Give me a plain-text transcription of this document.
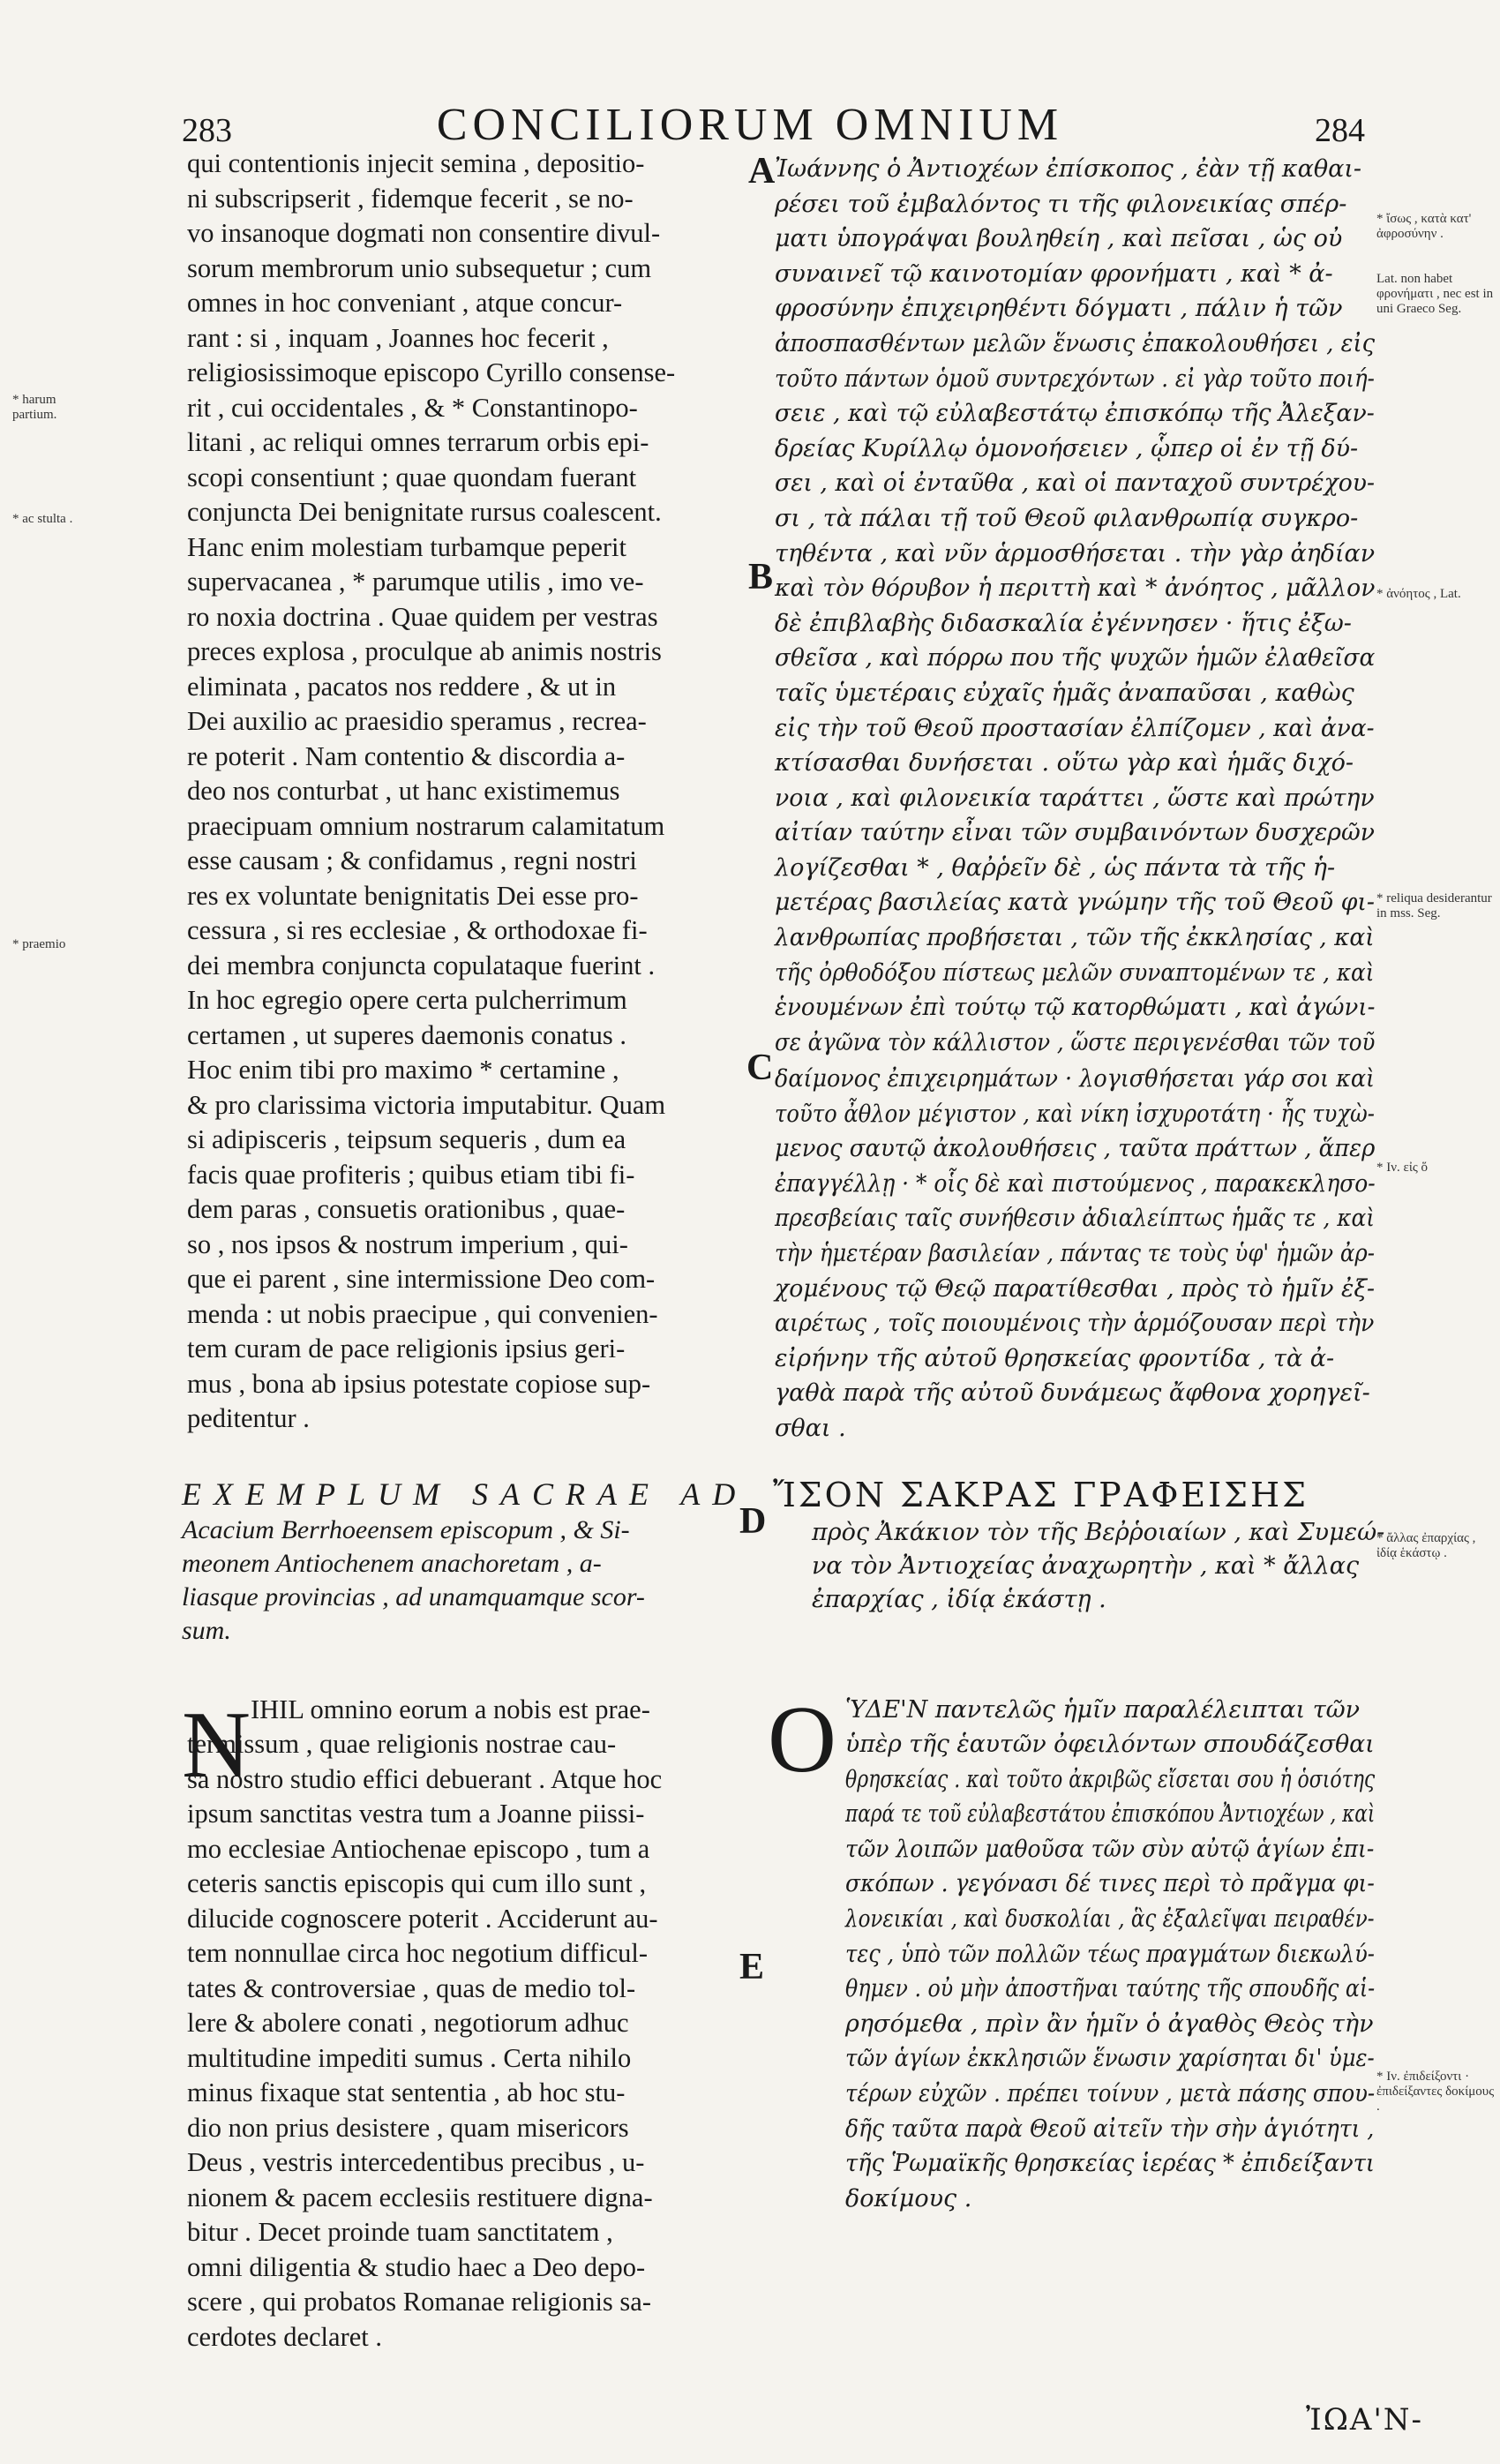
283	CONCILIORUM OMNIUM	284
* harum partium.
* ac stulta .
* praemio
qui contentionis injecit semina , depositio-
ni subscripserit , fidemque fecerit , se no-
vo insanoque dogmati non consentire divul-
sorum membrorum unio subsequetur ; cum
omnes in hoc conveniant , atque concur-
rant : si , inquam , Joannes hoc fecerit ,
religiosissimoque episcopo Cyrillo consense-
rit , cui occidentales , & * Constantinopo-
litani , ac reliqui omnes terrarum orbis epi-
scopi consentiunt ; quae quondam fuerant
conjuncta Dei benignitate rursus coalescent.
Hanc enim molestiam turbamque peperit
supervacanea , * parumque utilis , imo ve-
ro noxia doctrina . Quae quidem per vestras
preces explosa , proculque ab animis nostris
eliminata , pacatos nos reddere , & ut in
Dei auxilio ac praesidio speramus , recrea-
re poterit . Nam contentio & discordia a-
deo nos conturbat , ut hanc existimemus
praecipuam omnium nostrarum calamitatum
esse causam ; & confidamus , regni nostri
res ex voluntate benignitatis Dei esse pro-
cessura , si res ecclesiae , & orthodoxae fi-
dei membra conjuncta copulataque fuerint .
In hoc egregio opere certa pulcherrimum
certamen , ut superes daemonis conatus .
Hoc enim tibi pro maximo * certamine ,
& pro clarissima victoria imputabitur. Quam
si adipisceris , teipsum sequeris , dum ea
facis quae profiteris ; quibus etiam tibi fi-
dem paras , consuetis orationibus , quae-
so , nos ipsos & nostrum imperium , qui-
que ei parent , sine intermissione Deo com-
menda : ut nobis praecipue , qui convenien-
tem curam de pace religionis ipsius geri-
mus , bona ab ipsius potestate copiose sup-
peditentur .
A
B
C
D
E
Ἰωάννης ὁ Ἀντιοχέων ἐπίσκοπος , ἐὰν τῇ καθαι-
ρέσει τοῦ ἐμβαλόντος τι τῆς φιλονεικίας σπέρ-
ματι ὑπογράψαι βουληθείη , καὶ πεῖσαι , ὡς οὐ
συναινεῖ τῷ καινοτομίαν φρονήματι , καὶ * ἀ-
φροσύνην ἐπιχειρηθέντι δόγματι , πάλιν ἡ τῶν
ἀποσπασθέντων μελῶν ἕνωσις ἐπακολουθήσει , εἰς
τοῦτο πάντων ὁμοῦ συντρεχόντων . εἰ γὰρ τοῦτο ποιή-
σειε , καὶ τῷ εὐλαβεστάτῳ ἐπισκόπῳ τῆς Ἀλεξαν-
δρείας Κυρίλλῳ ὁμονοήσειεν , ᾧπερ οἱ ἐν τῇ δύ-
σει , καὶ οἱ ἐνταῦθα , καὶ οἱ πανταχοῦ συντρέχου-
σι , τὰ πάλαι τῇ τοῦ Θεοῦ φιλανθρωπίᾳ συγκρο-
τηθέντα , καὶ νῦν ἁρμοσθήσεται . τὴν γὰρ ἀηδίαν
καὶ τὸν θόρυβον ἡ περιττὴ καὶ * ἀνόητος , μᾶλλον
δὲ ἐπιβλαβὴς διδασκαλία ἐγέννησεν · ἥτις ἐξω-
σθεῖσα , καὶ πόρρω που τῆς ψυχῶν ἡμῶν ἐλαθεῖσα
ταῖς ὑμετέραις εὐχαῖς ἡμᾶς ἀναπαῦσαι , καθὼς
εἰς τὴν τοῦ Θεοῦ προστασίαν ἐλπίζομεν , καὶ ἀνα-
κτίσασθαι δυνήσεται . οὕτω γὰρ καὶ ἡμᾶς διχό-
νοια , καὶ φιλονεικία ταράττει , ὥστε καὶ πρώτην
αἰτίαν ταύτην εἶναι τῶν συμβαινόντων δυσχερῶν
λογίζεσθαι * , θαῤῥεῖν δὲ , ὡς πάντα τὰ τῆς ἡ-
μετέρας βασιλείας κατὰ γνώμην τῆς τοῦ Θεοῦ φι-
λανθρωπίας προβήσεται , τῶν τῆς ἐκκλησίας , καὶ
τῆς ὀρθοδόξου πίστεως μελῶν συναπτομένων τε , καὶ
ἑνουμένων ἐπὶ τούτῳ τῷ κατορθώματι , καὶ ἀγώνι-
σε ἀγῶνα τὸν κάλλιστον , ὥστε περιγενέσθαι τῶν τοῦ
δαίμονος ἐπιχειρημάτων · λογισθήσεται γάρ σοι καὶ
τοῦτο ἆθλον μέγιστον , καὶ νίκη ἰσχυροτάτη · ἧς τυχὼ-
μενος σαυτῷ ἀκολουθήσεις , ταῦτα πράττων , ἅπερ
ἐπαγγέλλῃ · * οἷς δὲ καὶ πιστούμενος , παρακεκλησο-
πρεσβείαις ταῖς συνήθεσιν ἀδιαλείπτως ἡμᾶς τε , καὶ
τὴν ἡμετέραν βασιλείαν , πάντας τε τοὺς ὑφ' ἡμῶν ἀρ-
χομένους τῷ Θεῷ παρατίθεσθαι , πρὸς τὸ ἡμῖν ἐξ-
αιρέτως , τοῖς ποιουμένοις τὴν ἁρμόζουσαν περὶ τὴν
εἰρήνην τῆς αὐτοῦ θρησκείας φροντίδα , τὰ ἀ-
γαθὰ παρὰ τῆς αὐτοῦ δυνάμεως ἄφθονα χορηγεῖ-
σθαι .
* ἴσως , κατὰ κατ' ἀφροσύνην .
Lat. non habet φρονήματι , nec est in uni Graeco Seg.
* ἀνόητος , Lat.
* reliqua desiderantur in mss. Seg.
* Ιν. εἰς ὅ
* ἄλλας ἐπαρχίας , ἰδίᾳ ἑκάστῳ .
* Ιν. ἐπιδείξοντι · ἐπιδείξαντες δοκίμους .
EXEMPLUM SACRAE AD
Acacium Berrhoeensem episcopum , & Si-
meonem Antiochenem anachoretam , a-
liasque provincias , ad unamquamque scor-
sum.
ἼΣΟΝ ΣΑΚΡΑΣ ΓΡΑΦΕΙΣΗΣ
πρὸς Ἀκάκιον τὸν τῆς Βεῤῥοιαίων , καὶ Συμεώ-
να τὸν Ἀντιοχείας ἀναχωρητὴν , καὶ * ἄλλας
ἐπαρχίας , ἰδίᾳ ἑκάστῃ .
N IHIL omnino eorum a nobis est prae-
termissum , quae religionis nostrae cau-
sa nostro studio effici debuerant . Atque hoc
ipsum sanctitas vestra tum a Joanne piissi-
mo ecclesiae Antiochenae episcopo , tum a
ceteris sanctis episcopis qui cum illo sunt ,
dilucide cognoscere poterit . Acciderunt au-
tem nonnullae circa hoc negotium difficul-
tates & controversiae , quas de medio tol-
lere & abolere conati , negotiorum adhuc
multitudine impediti sumus . Certa nihilo
minus fixaque stat sententia , ab hoc stu-
dio non prius desistere , quam misericors
Deus , vestris intercedentibus precibus , u-
nionem & pacem ecclesiis restituere digna-
bitur . Decet proinde tuam sanctitatem ,
omni diligentia & studio haec a Deo depo-
scere , qui probatos Romanae religionis sa-
cerdotes declaret .
O ὙΔΕ'Ν παντελῶς ἡμῖν παραλέλειπται τῶν
ὑπὲρ τῆς ἑαυτῶν ὀφειλόντων σπουδάζεσθαι
θρησκείας . καὶ τοῦτο ἀκριβῶς εἴσεται σου ἡ ὁσιότης
παρά τε τοῦ εὐλαβεστάτου ἐπισκόπου Ἀντιοχέων , καὶ
τῶν λοιπῶν μαθοῦσα τῶν σὺν αὐτῷ ἁγίων ἐπι-
σκόπων . γεγόνασι δέ τινες περὶ τὸ πρᾶγμα φι-
λονεικίαι , καὶ δυσκολίαι , ἃς ἐξαλεῖψαι πειραθέν-
τες , ὑπὸ τῶν πολλῶν τέως πραγμάτων διεκωλύ-
θημεν . οὐ μὴν ἀποστῆναι ταύτης τῆς σπουδῆς αἱ-
ρησόμεθα , πρὶν ἂν ἡμῖν ὁ ἀγαθὸς Θεὸς τὴν
τῶν ἁγίων ἐκκλησιῶν ἕνωσιν χαρίσηται δι' ὑμε-
τέρων εὐχῶν . πρέπει τοίνυν , μετὰ πάσης σπου-
δῆς ταῦτα παρὰ Θεοῦ αἰτεῖν τὴν σὴν ἁγιότητι ,
τῆς Ῥωμαϊκῆς θρησκείας ἱερέας * ἐπιδείξαντι
δοκίμους .
ἸΩΑ'Ν-
